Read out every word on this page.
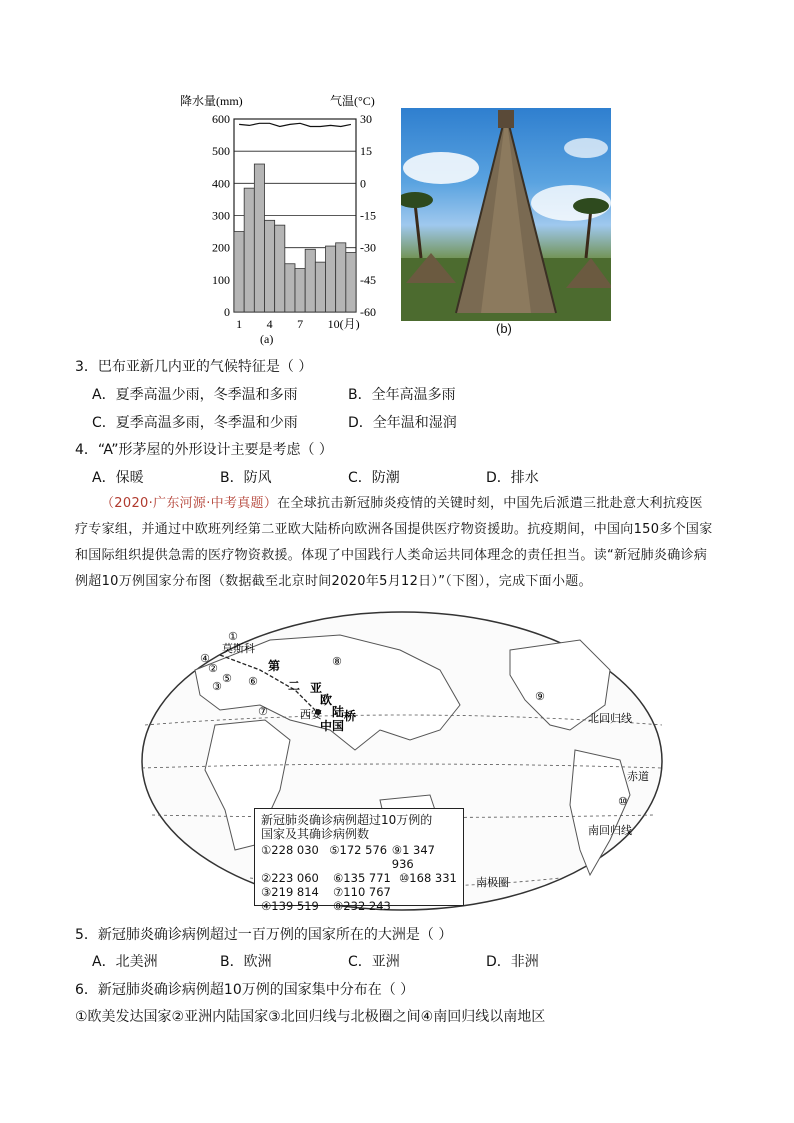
降水量(mm)	气温(°C)
600
500
400
300
200
100
0
30
15
0
-15
-30
-45
-60
1 4 7 10(月)
(a)
(b)
3．巴布亚新几内亚的气候特征是（ ）
A．夏季高温少雨，冬季温和多雨	B．全年高温多雨
C．夏季高温多雨，冬季温和少雨	D．全年温和湿润
4．“A”形茅屋的外形设计主要是考虑（ ）
A．保暖	B．防风	C．防潮	D．排水
（2020·广东河源·中考真题）在全球抗击新冠肺炎疫情的关键时刻，中国先后派遣三批赴意大利抗疫医疗专家组，并通过中欧班列经第二亚欧大陆桥向欧洲各国提供医疗物资援助。抗疫期间，中国向150多个国家和国际组织提供急需的医疗物资救援。体现了中国践行人类命运共同体理念的责任担当。读“新冠肺炎确诊病例超10万例国家分布图（数据截至北京时间2020年5月12日）”（下图），完成下面小题。
莫斯科
第
二 亚
欧
陆 桥
西安
中国
北回归线
赤道
南回归线
南极圈
①
②
③
④
⑤ ⑥
⑦
⑧
⑨
⑩
新冠肺炎确诊病例超过10万例的
国家及其确诊病例数
①228 030 ⑤172 576 ⑨1 347 936
②223 060	⑥135 771 ⑩168 331
③219 814	⑦110 767
④139 519	⑧232 243
5．新冠肺炎确诊病例超过一百万例的国家所在的大洲是（ ）
A．北美洲	B．欧洲	C．亚洲	D．非洲
6．新冠肺炎确诊病例超10万例的国家集中分布在（ ）
①欧美发达国家②亚洲内陆国家③北回归线与北极圈之间④南回归线以南地区
